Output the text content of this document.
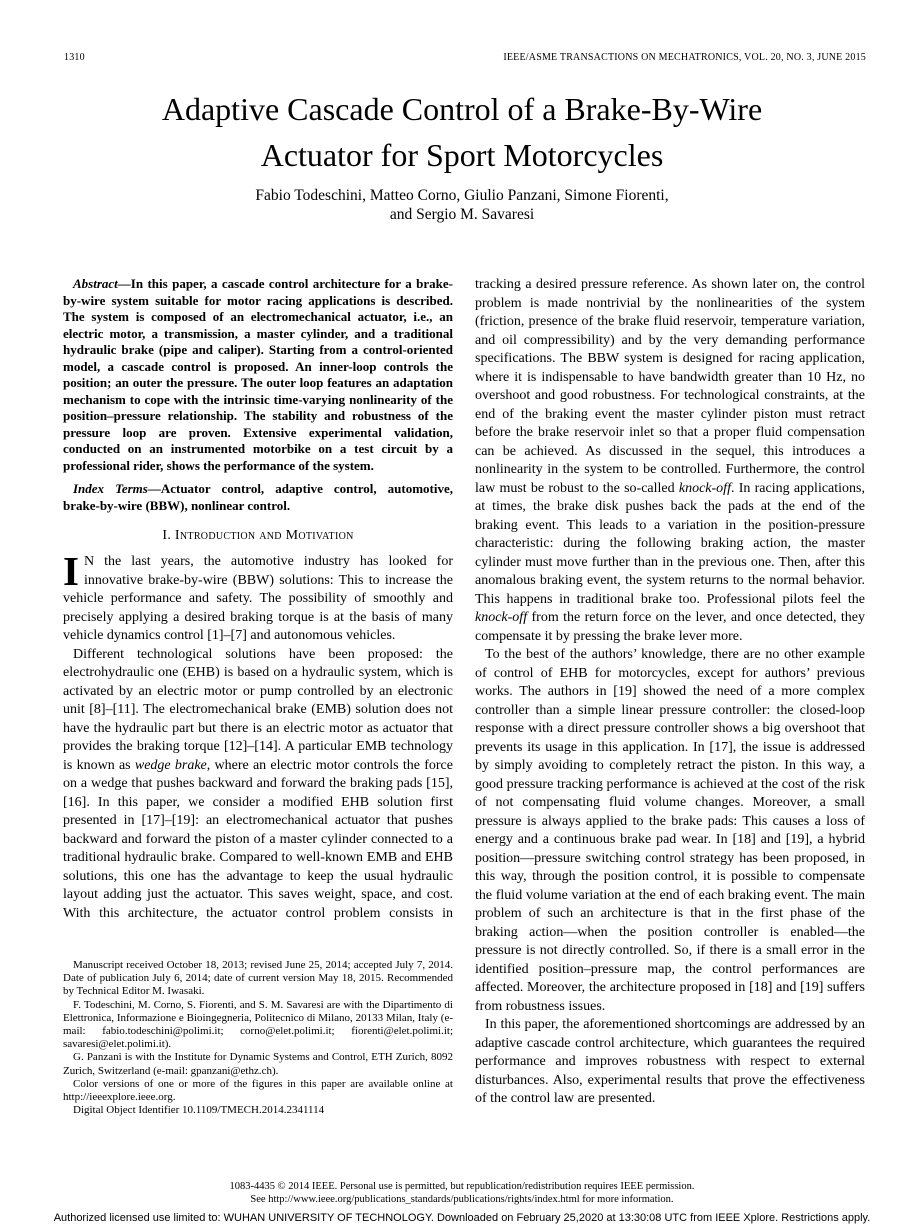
1310	IEEE/ASME TRANSACTIONS ON MECHATRONICS, VOL. 20, NO. 3, JUNE 2015
Adaptive Cascade Control of a Brake-By-Wire
Actuator for Sport Motorcycles
Fabio Todeschini, Matteo Corno, Giulio Panzani, Simone Fiorenti,
and Sergio M. Savaresi

Abstract—In this paper, a cascade control architecture for a brake-by-wire system suitable for motor racing applications is described. The system is composed of an electromechanical actuator, i.e., an electric motor, a transmission, a master cylinder, and a traditional hydraulic brake (pipe and caliper). Starting from a control-oriented model, a cascade control is proposed. An inner-loop controls the position; an outer the pressure. The outer loop features an adaptation mechanism to cope with the intrinsic time-varying nonlinearity of the position–pressure relationship. The stability and robustness of the pressure loop are proven. Extensive experimental validation, conducted on an instrumented motorbike on a test circuit by a professional rider, shows the performance of the system.

Index Terms—Actuator control, adaptive control, automotive, brake-by-wire (BBW), nonlinear control.

I. Introduction and Motivation

I N the last years, the automotive industry has looked for innovative brake-by-wire (BBW) solutions: This to increase the vehicle performance and safety. The possibility of smoothly and precisely applying a desired braking torque is at the basis of many vehicle dynamics control [1]–[7] and autonomous vehicles.

Different technological solutions have been proposed: the electrohydraulic one (EHB) is based on a hydraulic system, which is activated by an electric motor or pump controlled by an electronic unit [8]–[11]. The electromechanical brake (EMB) solution does not have the hydraulic part but there is an electric motor as actuator that provides the braking torque [12]–[14]. A particular EMB technology is known as wedge brake, where an electric motor controls the force on a wedge that pushes backward and forward the braking pads [15], [16]. In this paper, we consider a modified EHB solution first presented in [17]–[19]: an electromechanical actuator that pushes backward and forward the piston of a master cylinder connected to a traditional hydraulic brake. Compared to well-known EMB and EHB solutions, this one has the advantage to keep the usual hydraulic layout adding just the actuator. This saves weight, space, and cost. With this architecture, the actuator control problem consists in

Manuscript received October 18, 2013; revised June 25, 2014; accepted July 7, 2014. Date of publication July 6, 2014; date of current version May 18, 2015. Recommended by Technical Editor M. Iwasaki.

F. Todeschini, M. Corno, S. Fiorenti, and S. M. Savaresi are with the Dipartimento di Elettronica, Informazione e Bioingegneria, Politecnico di Milano, 20133 Milan, Italy (e-mail: fabio.todeschini@polimi.it; corno@elet.polimi.it; fiorenti@elet.polimi.it; savaresi@elet.polimi.it).

G. Panzani is with the Institute for Dynamic Systems and Control, ETH Zurich, 8092 Zurich, Switzerland (e-mail: gpanzani@ethz.ch).

Color versions of one or more of the figures in this paper are available online at http://ieeexplore.ieee.org.

Digital Object Identifier 10.1109/TMECH.2014.2341114

tracking a desired pressure reference. As shown later on, the control problem is made nontrivial by the nonlinearities of the system (friction, presence of the brake fluid reservoir, temperature variation, and oil compressibility) and by the very demanding performance specifications. The BBW system is designed for racing application, where it is indispensable to have bandwidth greater than 10 Hz, no overshoot and good robustness. For technological constraints, at the end of the braking event the master cylinder piston must retract before the brake reservoir inlet so that a proper fluid compensation can be achieved. As discussed in the sequel, this introduces a nonlinearity in the system to be controlled. Furthermore, the control law must be robust to the so-called knock-off. In racing applications, at times, the brake disk pushes back the pads at the end of the braking event. This leads to a variation in the position-pressure characteristic: during the following braking action, the master cylinder must move further than in the previous one. Then, after this anomalous braking event, the system returns to the normal behavior. This happens in traditional brake too. Professional pilots feel the knock-off from the return force on the lever, and once detected, they compensate it by pressing the brake lever more.

To the best of the authors’ knowledge, there are no other example of control of EHB for motorcycles, except for authors’ previous works. The authors in [19] showed the need of a more complex controller than a simple linear pressure controller: the closed-loop response with a direct pressure controller shows a big overshoot that prevents its usage in this application. In [17], the issue is addressed by simply avoiding to completely retract the piston. In this way, a good pressure tracking performance is achieved at the cost of the risk of not compensating fluid volume changes. Moreover, a small pressure is always applied to the brake pads: This causes a loss of energy and a continuous brake pad wear. In [18] and [19], a hybrid position—pressure switching control strategy has been proposed, in this way, through the position control, it is possible to compensate the fluid volume variation at the end of each braking event. The main problem of such an architecture is that in the first phase of the braking action—when the position controller is enabled—the pressure is not directly controlled. So, if there is a small error in the identified position–pressure map, the control performances are affected. Moreover, the architecture proposed in [18] and [19] suffers from robustness issues.

In this paper, the aforementioned shortcomings are addressed by an adaptive cascade control architecture, which guarantees the required performance and improves robustness with respect to external disturbances. Also, experimental results that prove the effectiveness of the control law are presented.

1083-4435 © 2014 IEEE. Personal use is permitted, but republication/redistribution requires IEEE permission.
See http://www.ieee.org/publications_standards/publications/rights/index.html for more information.
Authorized licensed use limited to: WUHAN UNIVERSITY OF TECHNOLOGY. Downloaded on February 25,2020 at 13:30:08 UTC from IEEE Xplore. Restrictions apply.
